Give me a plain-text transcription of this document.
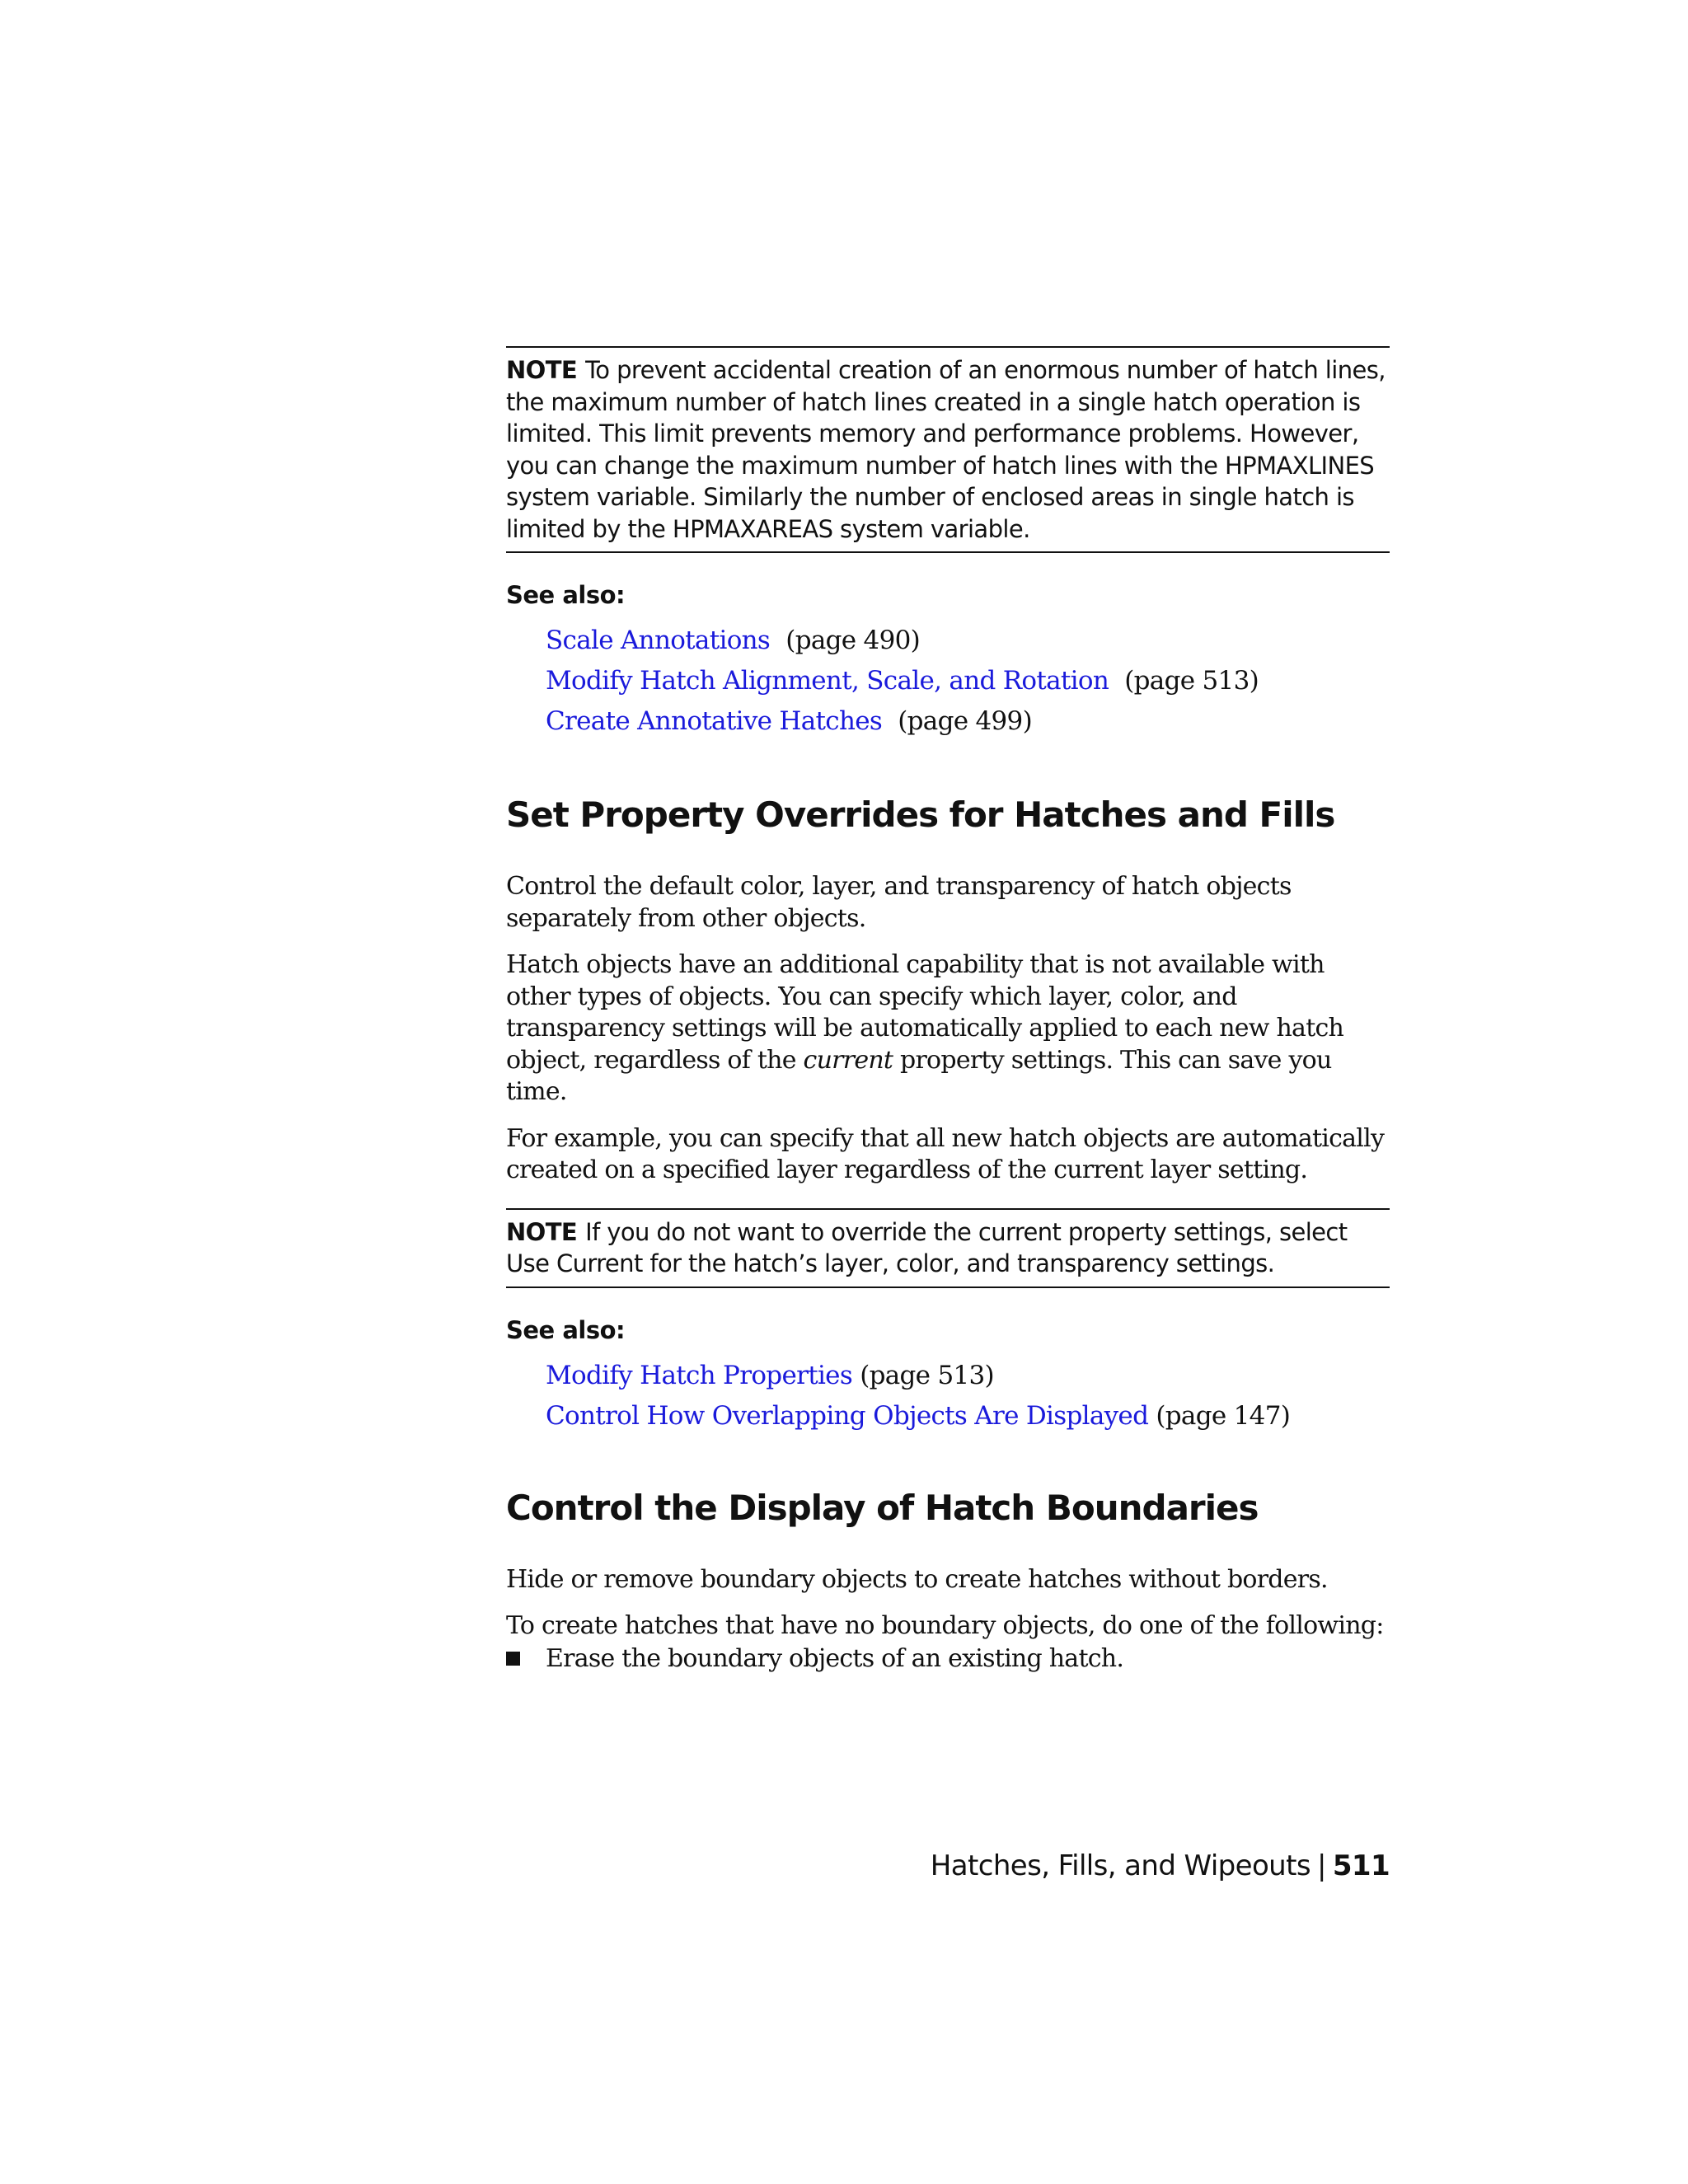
NOTE To prevent accidental creation of an enormous number of hatch lines, the maximum number of hatch lines created in a single hatch operation is limited. This limit prevents memory and performance problems. However, you can change the maximum number of hatch lines with the HPMAXLINES system variable. Similarly the number of enclosed areas in single hatch is limited by the HPMAXAREAS system variable.
See also:
Scale Annotations (page 490)
Modify Hatch Alignment, Scale, and Rotation (page 513)
Create Annotative Hatches (page 499)
Set Property Overrides for Hatches and Fills

Control the default color, layer, and transparency of hatch objects separately from other objects.

Hatch objects have an additional capability that is not available with other types of objects. You can specify which layer, color, and transparency settings will be automatically applied to each new hatch object, regardless of the current property settings. This can save you time.

For example, you can specify that all new hatch objects are automatically created on a specified layer regardless of the current layer setting.

NOTE If you do not want to override the current property settings, select Use Current for the hatch’s layer, color, and transparency settings.
See also:
Modify Hatch Properties (page 513)
Control How Overlapping Objects Are Displayed (page 147)
Control the Display of Hatch Boundaries

Hide or remove boundary objects to create hatches without borders.

To create hatches that have no boundary objects, do one of the following:

Erase the boundary objects of an existing hatch.
Hatches, Fills, and Wipeouts | 511
